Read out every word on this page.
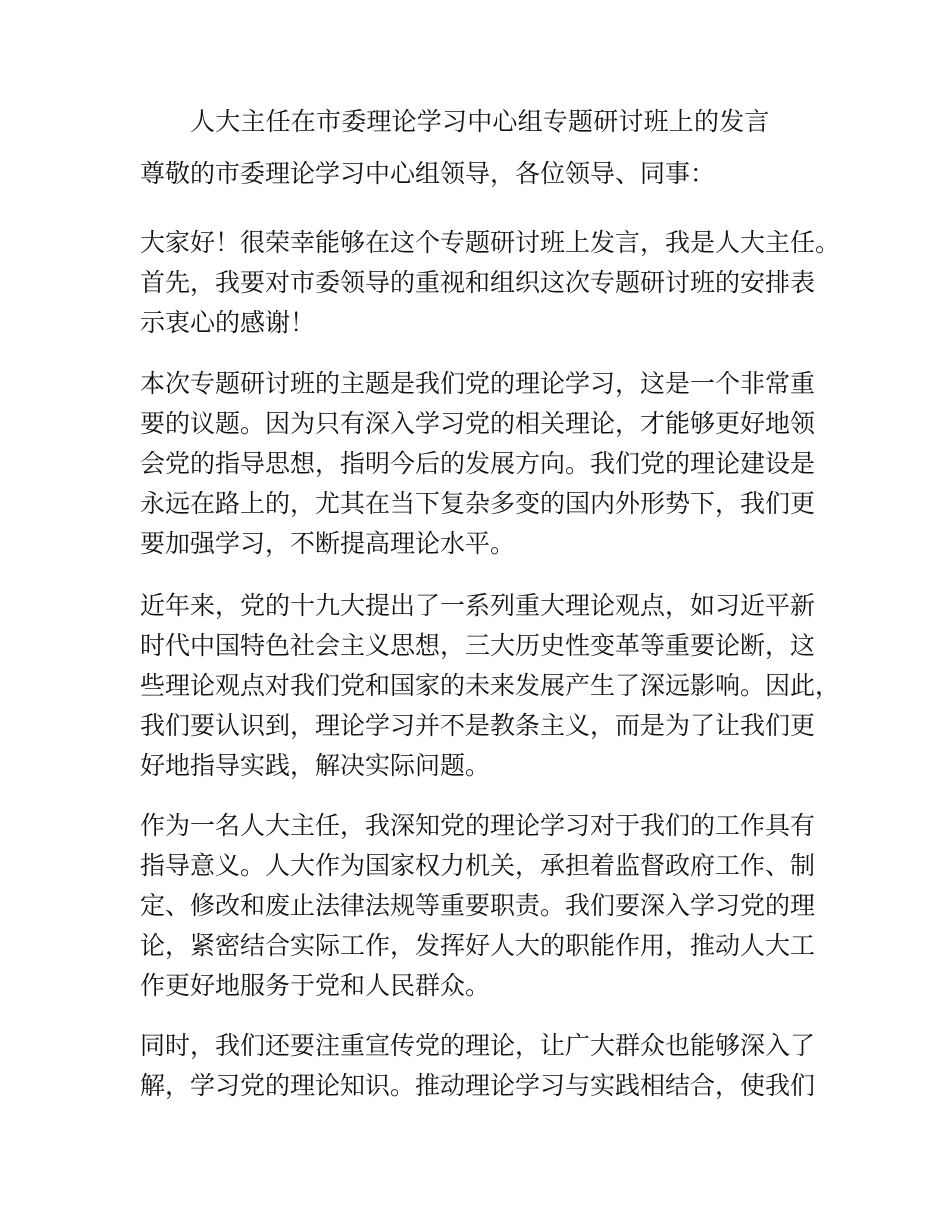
人大主任在市委理论学习中心组专题研讨班上的发言
尊敬的市委理论学习中心组领导，各位领导、同事：
大家好！很荣幸能够在这个专题研讨班上发言，我是人大主任。
首先，我要对市委领导的重视和组织这次专题研讨班的安排表
示衷心的感谢！
本次专题研讨班的主题是我们党的理论学习，这是一个非常重
要的议题。因为只有深入学习党的相关理论，才能够更好地领
会党的指导思想，指明今后的发展方向。我们党的理论建设是
永远在路上的，尤其在当下复杂多变的国内外形势下，我们更
要加强学习，不断提高理论水平。
近年来，党的十九大提出了一系列重大理论观点，如习近平新
时代中国特色社会主义思想，三大历史性变革等重要论断，这
些理论观点对我们党和国家的未来发展产生了深远影响。因此，
我们要认识到，理论学习并不是教条主义，而是为了让我们更
好地指导实践，解决实际问题。
作为一名人大主任，我深知党的理论学习对于我们的工作具有
指导意义。人大作为国家权力机关，承担着监督政府工作、制
定、修改和废止法律法规等重要职责。我们要深入学习党的理
论，紧密结合实际工作，发挥好人大的职能作用，推动人大工
作更好地服务于党和人民群众。
同时，我们还要注重宣传党的理论，让广大群众也能够深入了
解，学习党的理论知识。推动理论学习与实践相结合，使我们
